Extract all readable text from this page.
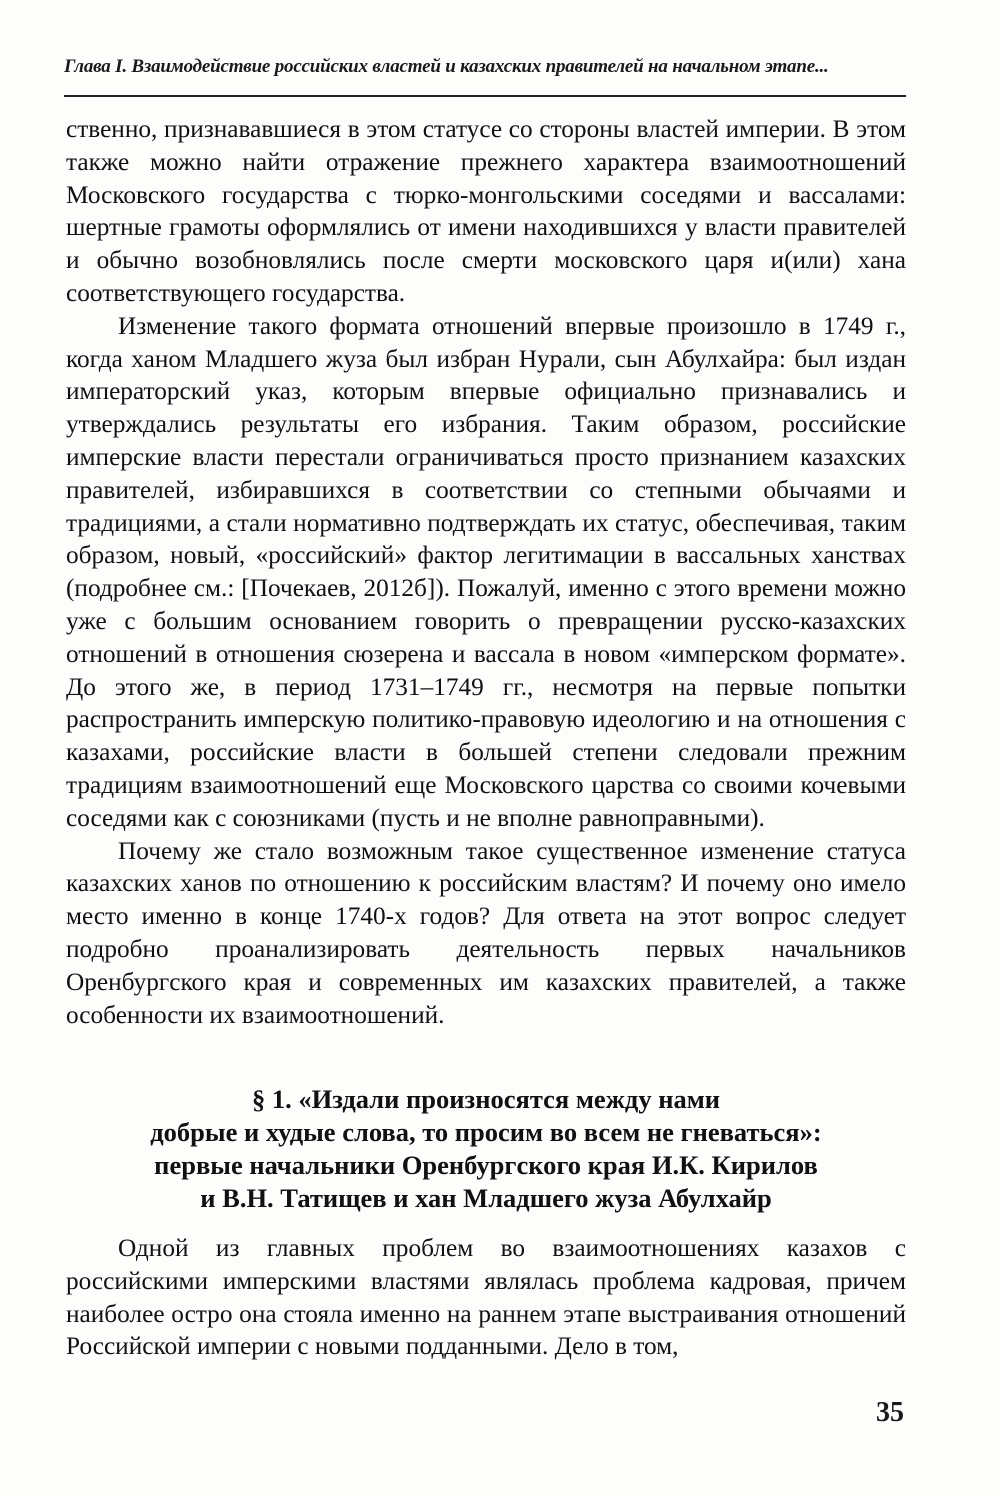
Глава I. Взаимодействие российских властей и казахских правителей на начальном этапе...

ственно, признававшиеся в этом статусе со стороны властей империи. В этом также можно найти отражение прежнего характера взаимоотношений Московского государства с тюрко-монгольскими соседями и вассалами: шертные грамоты оформлялись от имени находившихся у власти правителей и обычно возобновлялись после смерти московского царя и(или) хана соответствующего государства.

Изменение такого формата отношений впервые произошло в 1749 г., когда ханом Младшего жуза был избран Нурали, сын Абулхайра: был издан императорский указ, которым впервые официально признавались и утверждались результаты его избрания. Таким образом, российские имперские власти перестали ограничиваться просто признанием казахских правителей, избиравшихся в соответствии со степными обычаями и традициями, а стали нормативно подтверждать их статус, обеспечивая, таким образом, новый, «российский» фактор легитимации в вассальных ханствах (подробнее см.: [Почекаев, 2012б]). Пожалуй, именно с этого времени можно уже с большим основанием говорить о превращении русско-казахских отношений в отношения сюзерена и вассала в новом «имперском формате». До этого же, в период 1731–1749 гг., несмотря на первые попытки распространить имперскую политико-правовую идеологию и на отношения с казахами, российские власти в большей степени следовали прежним традициям взаимоотношений еще Московского царства со своими кочевыми соседями как с союзниками (пусть и не вполне равноправными).

Почему же стало возможным такое существенное изменение статуса казахских ханов по отношению к российским властям? И почему оно имело место именно в конце 1740-х годов? Для ответа на этот вопрос следует подробно проанализировать деятельность первых начальников Оренбургского края и современных им казахских правителей, а также особенности их взаимоотношений.

§ 1. «Издали произносятся между нами
добрые и худые слова, то просим во всем не гневаться»:
первые начальники Оренбургского края И.К. Кирилов
и В.Н. Татищев и хан Младшего жуза Абулхайр

Одной из главных проблем во взаимоотношениях казахов с российскими имперскими властями являлась проблема кадровая, причем наиболее остро она стояла именно на раннем этапе выстраивания отношений Российской империи с новыми подданными. Дело в том,

35
